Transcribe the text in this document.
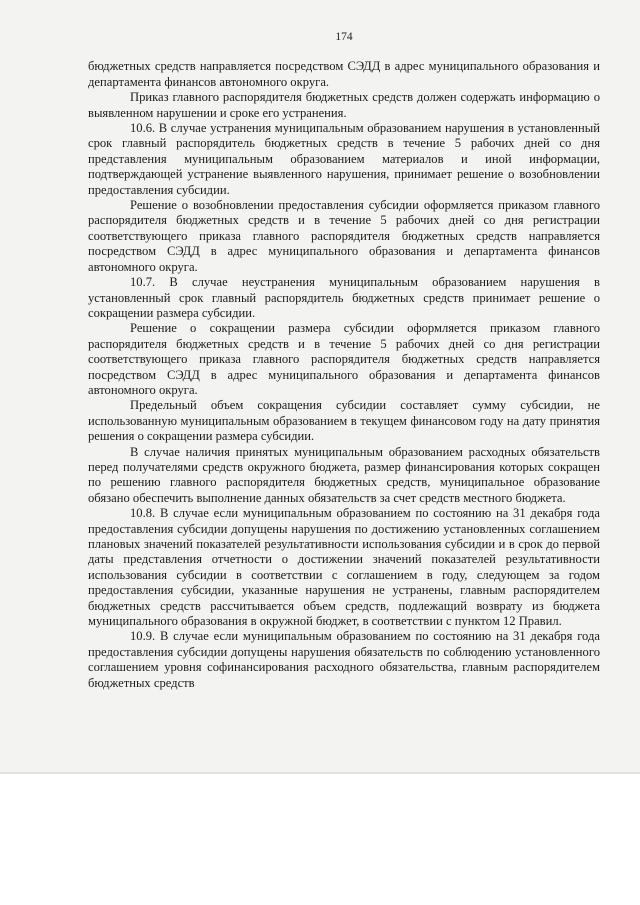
174

бюджетных средств направляется посредством СЭДД в адрес муниципального образования и департамента финансов автономного округа.

Приказ главного распорядителя бюджетных средств должен содержать информацию о выявленном нарушении и сроке его устранения.

10.6. В случае устранения муниципальным образованием нарушения в установленный срок главный распорядитель бюджетных средств в течение 5 рабочих дней со дня представления муниципальным образованием материалов и иной информации, подтверждающей устранение выявленного нарушения, принимает решение о возобновлении предоставления субсидии.

Решение о возобновлении предоставления субсидии оформляется приказом главного распорядителя бюджетных средств и в течение 5 рабочих дней со дня регистрации соответствующего приказа главного распорядителя бюджетных средств направляется посредством СЭДД в адрес муниципального образования и департамента финансов автономного округа.

10.7. В случае неустранения муниципальным образованием нарушения в установленный срок главный распорядитель бюджетных средств принимает решение о сокращении размера субсидии.

Решение о сокращении размера субсидии оформляется приказом главного распорядителя бюджетных средств и в течение 5 рабочих дней со дня регистрации соответствующего приказа главного распорядителя бюджетных средств направляется посредством СЭДД в адрес муниципального образования и департамента финансов автономного округа.

Предельный объем сокращения субсидии составляет сумму субсидии, не использованную муниципальным образованием в текущем финансовом году на дату принятия решения о сокращении размера субсидии.

В случае наличия принятых муниципальным образованием расходных обязательств перед получателями средств окружного бюджета, размер финансирования которых сокращен по решению главного распорядителя бюджетных средств, муниципальное образование обязано обеспечить выполнение данных обязательств за счет средств местного бюджета.

10.8. В случае если муниципальным образованием по состоянию на 31 декабря года предоставления субсидии допущены нарушения по достижению установленных соглашением плановых значений показателей результативности использования субсидии и в срок до первой даты представления отчетности о достижении значений показателей результативности использования субсидии в соответствии с соглашением в году, следующем за годом предоставления субсидии, указанные нарушения не устранены, главным распорядителем бюджетных средств рассчитывается объем средств, подлежащий возврату из бюджета муниципального образования в окружной бюджет, в соответствии с пунктом 12 Правил.

10.9. В случае если муниципальным образованием по состоянию на 31 декабря года предоставления субсидии допущены нарушения обязательств по соблюдению установленного соглашением уровня софинансирования расходного обязательства, главным распорядителем бюджетных средств
